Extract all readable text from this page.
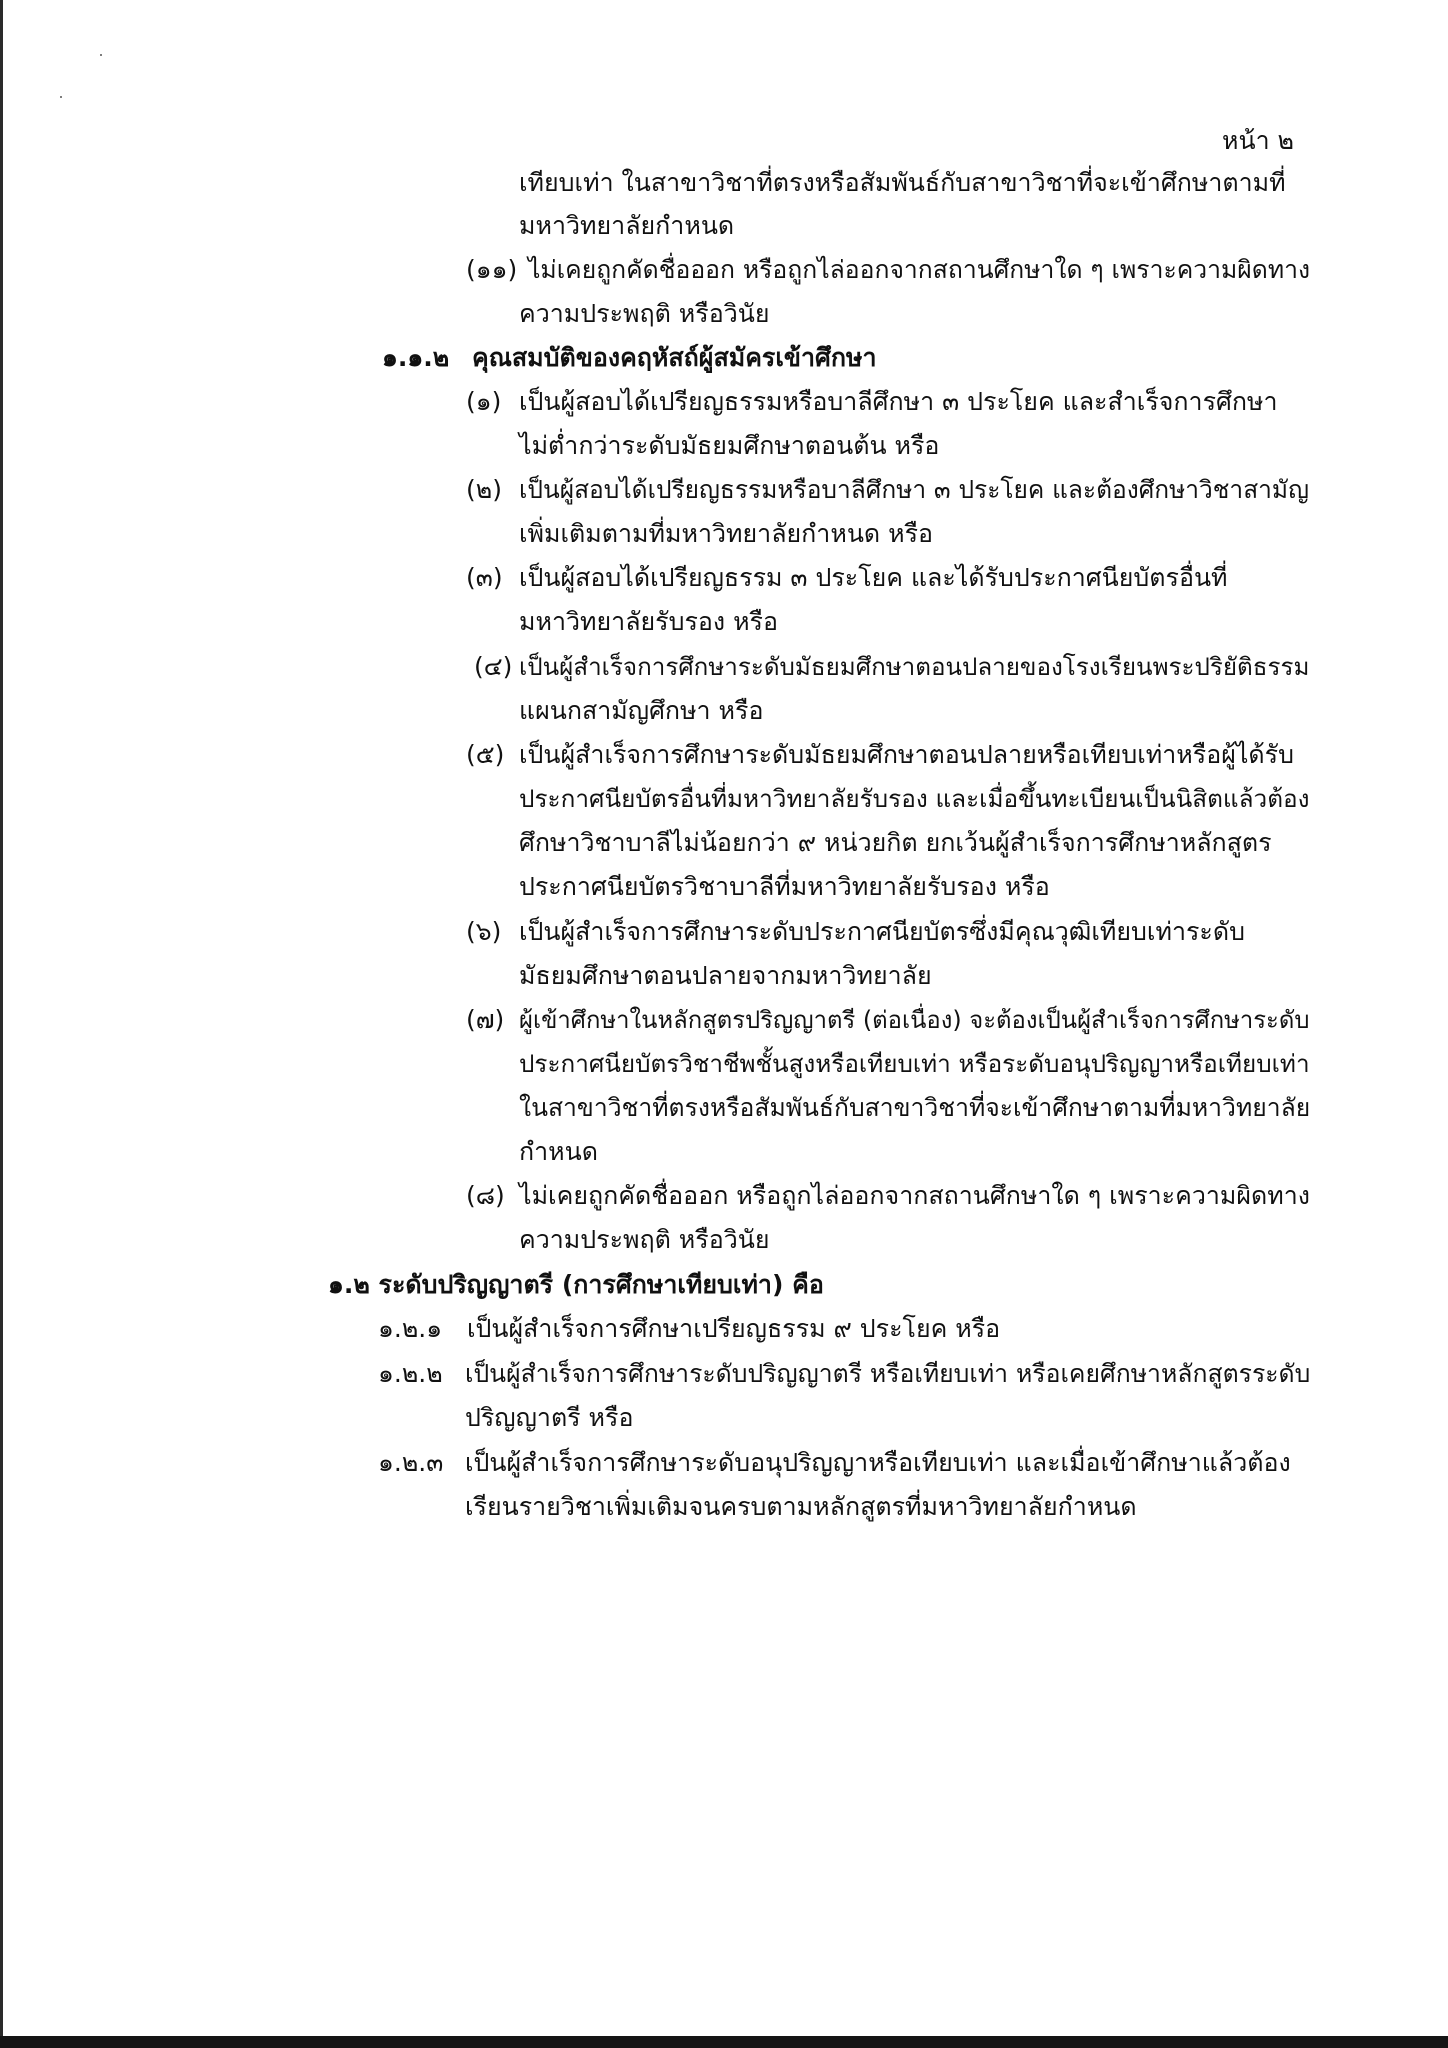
หน้า ๒
เทียบเท่า ในสาขาวิชาที่ตรงหรือสัมพันธ์กับสาขาวิชาที่จะเข้าศึกษาตามที่
มหาวิทยาลัยกำหนด
(๑๑) ไม่เคยถูกคัดชื่อออก หรือถูกไล่ออกจากสถานศึกษาใด ๆ เพราะความผิดทาง
ความประพฤติ หรือวินัย
๑.๑.๒ คุณสมบัติของคฤหัสถ์ผู้สมัครเข้าศึกษา
(๑) เป็นผู้สอบได้เปรียญธรรมหรือบาลีศึกษา ๓ ประโยค และสำเร็จการศึกษา
ไม่ต่ำกว่าระดับมัธยมศึกษาตอนต้น หรือ
(๒) เป็นผู้สอบได้เปรียญธรรมหรือบาลีศึกษา ๓ ประโยค และต้องศึกษาวิชาสามัญ
เพิ่มเติมตามที่มหาวิทยาลัยกำหนด หรือ
(๓) เป็นผู้สอบได้เปรียญธรรม ๓ ประโยค และได้รับประกาศนียบัตรอื่นที่
มหาวิทยาลัยรับรอง หรือ
(๔) เป็นผู้สำเร็จการศึกษาระดับมัธยมศึกษาตอนปลายของโรงเรียนพระปริยัติธรรม
แผนกสามัญศึกษา หรือ
(๕) เป็นผู้สำเร็จการศึกษาระดับมัธยมศึกษาตอนปลายหรือเทียบเท่าหรือผู้ได้รับ
ประกาศนียบัตรอื่นที่มหาวิทยาลัยรับรอง และเมื่อขึ้นทะเบียนเป็นนิสิตแล้วต้อง
ศึกษาวิชาบาลีไม่น้อยกว่า ๙ หน่วยกิต ยกเว้นผู้สำเร็จการศึกษาหลักสูตร
ประกาศนียบัตรวิชาบาลีที่มหาวิทยาลัยรับรอง หรือ
(๖) เป็นผู้สำเร็จการศึกษาระดับประกาศนียบัตรซึ่งมีคุณวุฒิเทียบเท่าระดับ
มัธยมศึกษาตอนปลายจากมหาวิทยาลัย
(๗) ผู้เข้าศึกษาในหลักสูตรปริญญาตรี (ต่อเนื่อง) จะต้องเป็นผู้สำเร็จการศึกษาระดับ
ประกาศนียบัตรวิชาชีพชั้นสูงหรือเทียบเท่า หรือระดับอนุปริญญาหรือเทียบเท่า
ในสาขาวิชาที่ตรงหรือสัมพันธ์กับสาขาวิชาที่จะเข้าศึกษาตามที่มหาวิทยาลัย
กำหนด
(๘) ไม่เคยถูกคัดชื่อออก หรือถูกไล่ออกจากสถานศึกษาใด ๆ เพราะความผิดทาง
ความประพฤติ หรือวินัย
๑.๒ ระดับปริญญาตรี (การศึกษาเทียบเท่า) คือ
๑.๒.๑ เป็นผู้สำเร็จการศึกษาเปรียญธรรม ๙ ประโยค หรือ
๑.๒.๒ เป็นผู้สำเร็จการศึกษาระดับปริญญาตรี หรือเทียบเท่า หรือเคยศึกษาหลักสูตรระดับ
ปริญญาตรี หรือ
๑.๒.๓ เป็นผู้สำเร็จการศึกษาระดับอนุปริญญาหรือเทียบเท่า และเมื่อเข้าศึกษาแล้วต้อง
เรียนรายวิชาเพิ่มเติมจนครบตามหลักสูตรที่มหาวิทยาลัยกำหนด
